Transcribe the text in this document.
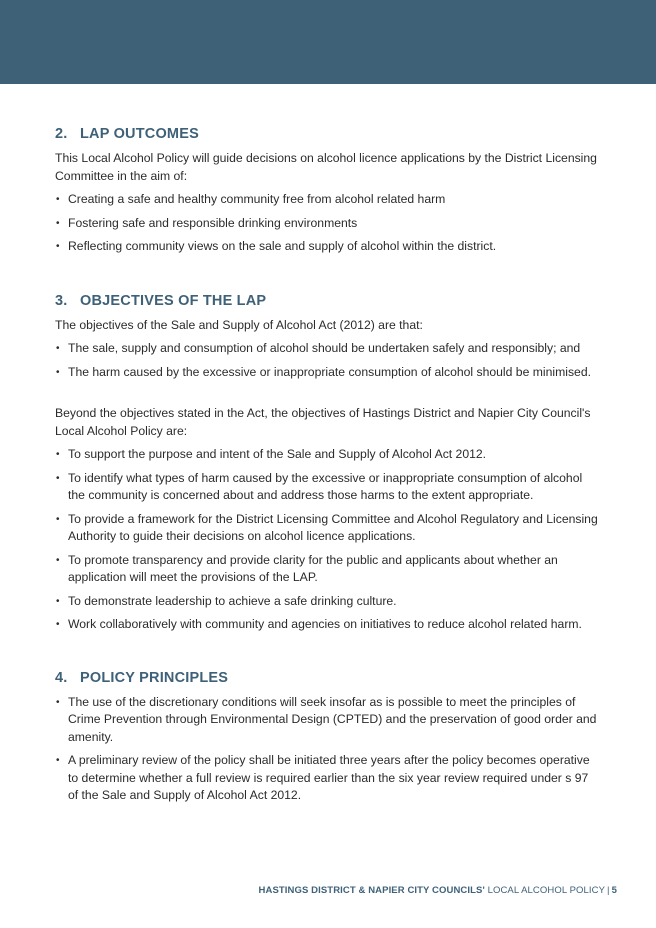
2. LAP OUTCOMES

This Local Alcohol Policy will guide decisions on alcohol licence applications by the District Licensing Committee in the aim of:

• Creating a safe and healthy community free from alcohol related harm
• Fostering safe and responsible drinking environments
• Reflecting community views on the sale and supply of alcohol within the district.
3. OBJECTIVES OF THE LAP

The objectives of the Sale and Supply of Alcohol Act (2012) are that:

• The sale, supply and consumption of alcohol should be undertaken safely and responsibly; and
• The harm caused by the excessive or inappropriate consumption of alcohol should be minimised.

Beyond the objectives stated in the Act, the objectives of Hastings District and Napier City Council's Local Alcohol Policy are:

• To support the purpose and intent of the Sale and Supply of Alcohol Act 2012.
• To identify what types of harm caused by the excessive or inappropriate consumption of alcohol the community is concerned about and address those harms to the extent appropriate.
• To provide a framework for the District Licensing Committee and Alcohol Regulatory and Licensing Authority to guide their decisions on alcohol licence applications.
• To promote transparency and provide clarity for the public and applicants about whether an application will meet the provisions of the LAP.
• To demonstrate leadership to achieve a safe drinking culture.
• Work collaboratively with community and agencies on initiatives to reduce alcohol related harm.
4. POLICY PRINCIPLES
• The use of the discretionary conditions will seek insofar as is possible to meet the principles of Crime Prevention through Environmental Design (CPTED) and the preservation of good order and amenity.
• A preliminary review of the policy shall be initiated three years after the policy becomes operative to determine whether a full review is required earlier than the six year review required under s 97 of the Sale and Supply of Alcohol Act 2012.
HASTINGS DISTRICT & NAPIER CITY COUNCILS' LOCAL ALCOHOL POLICY | 5
